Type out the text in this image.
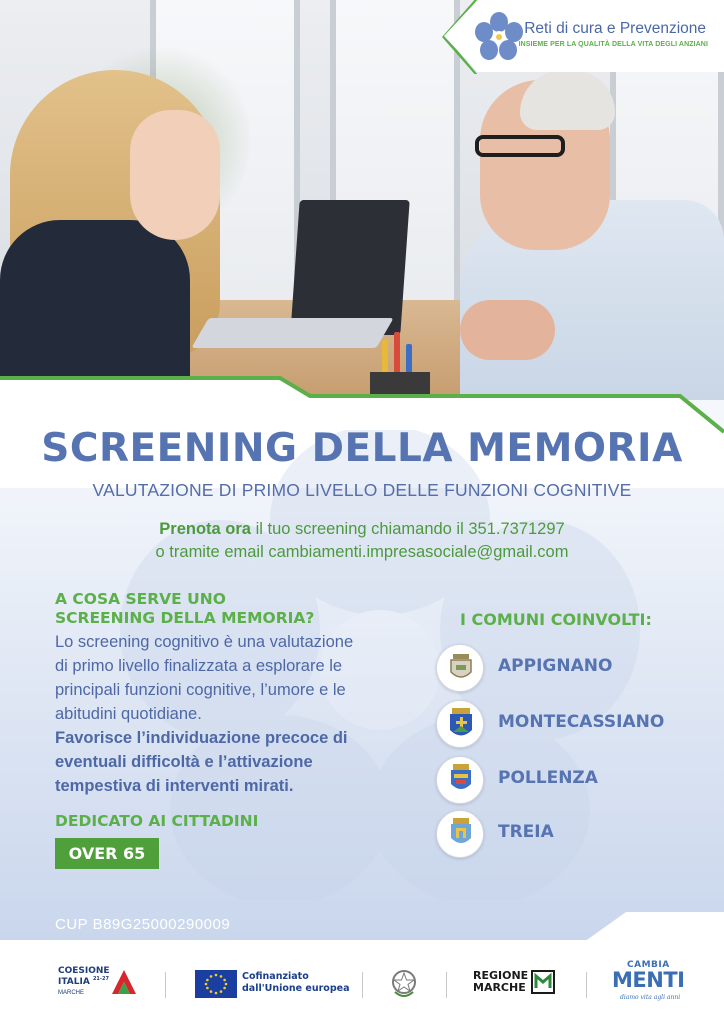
Reti di cura e Prevenzione
INSIEME PER LA QUALITÀ DELLA VITA DEGLI ANZIANI
SCREENING DELLA MEMORIA
VALUTAZIONE DI PRIMO LIVELLO DELLE FUNZIONI COGNITIVE
Prenota ora il tuo screening chiamando il 351.7371297
o tramite email cambiamenti.impresasociale@gmail.com
A COSA SERVE UNO
SCREENING DELLA MEMORIA?
Lo screening cognitivo è una valutazione
di primo livello finalizzata a esplorare le
principali funzioni cognitive, l’umore e le
abitudini quotidiane.
Favorisce l’individuazione precoce di
eventuali difficoltà e l’attivazione
tempestiva di interventi mirati.
DEDICATO AI CITTADINI
OVER 65
I COMUNI COINVOLTI:
APPIGNANO
MONTECASSIANO
POLLENZA
TREIA
CUP B89G25000290009
COESIONE
ITALIA $^{21-27}$
MARCHE
Cofinanziato
dall'Unione europea
REGIONE
MARCHE
CAMBIA
MENTI
diamo vita agli anni
